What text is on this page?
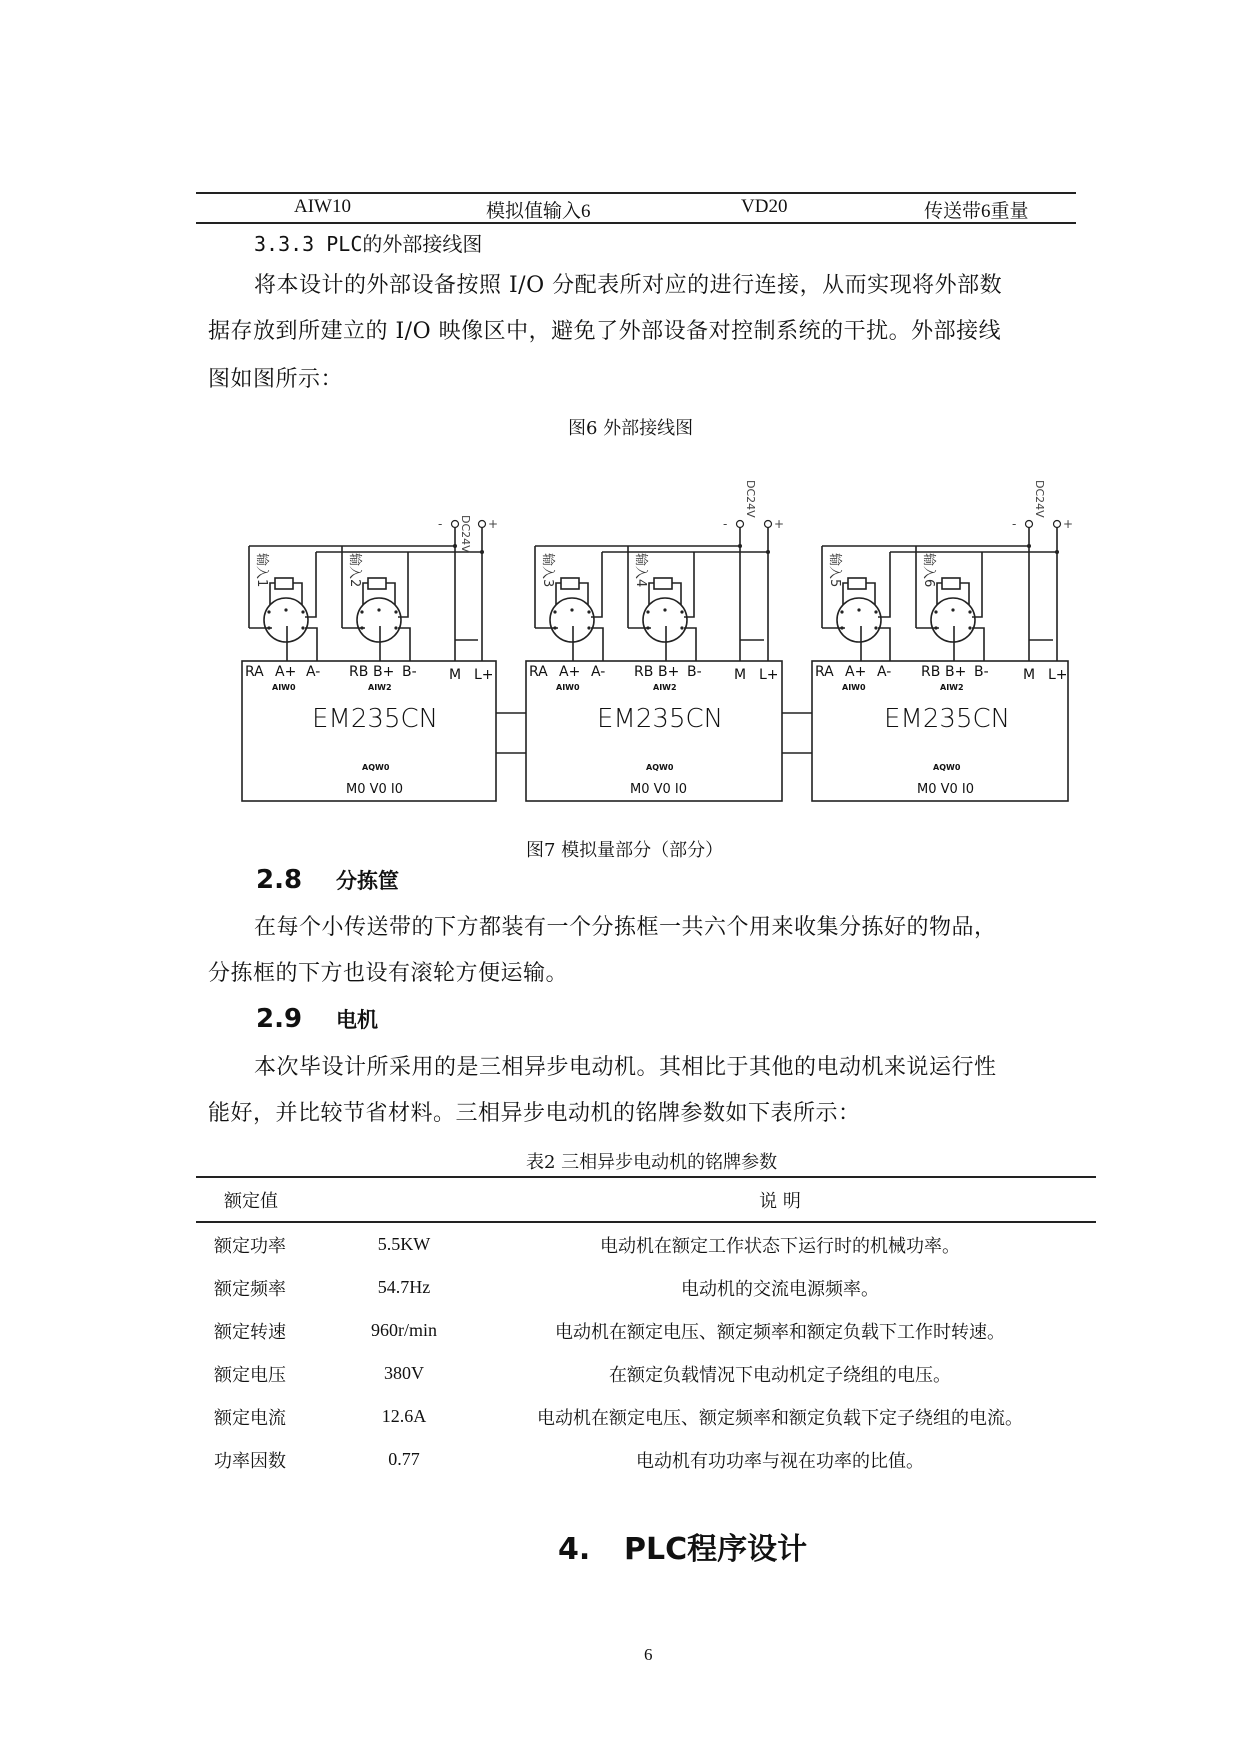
AIW10	模拟值输入6	VD20	传送带6重量
3.3.3 PLC的外部接线图
将本设计的外部设备按照 I/O 分配表所对应的进行连接，从而实现将外部数
据存放到所建立的 I/O 映像区中，避免了外部设备对控制系统的干扰。外部接线
图如图所示：
图6 外部接线图
-	+
DC24V	-	+
DC24V
-	+
DC24V
输入1	输入2	输入3	输入4	输入5	输入6
RA A+ A- RB B+ B- M L+
AIW0	AIW2
AQW0
EM235CN
M0 V0 I0
RA A+ A- RB B+ B- M L+
AIW0	AIW2
AQW0
EM235CN
M0 V0 I0
RA A+ A- RB B+ B- M L+
AIW0	AIW2
AQW0
EM235CN
M0 V0 I0
图7 模拟量部分（部分）
2.8 分拣筐
在每个小传送带的下方都装有一个分拣框一共六个用来收集分拣好的物品，
分拣框的下方也设有滚轮方便运输。
2.9 电机
本次毕设计所采用的是三相异步电动机。其相比于其他的电动机来说运行性
能好，并比较节省材料。三相异步电动机的铭牌参数如下表所示：
表2 三相异步电动机的铭牌参数
额定值		说 明
额定功率	5.5KW	电动机在额定工作状态下运行时的机械功率。
额定频率	54.7Hz	电动机的交流电源频率。
额定转速	960r/min	电动机在额定电压、额定频率和额定负载下工作时转速。
额定电压	380V	在额定负载情况下电动机定子绕组的电压。
额定电流	12.6A	电动机在额定电压、额定频率和额定负载下定子绕组的电流。
功率因数	0.77	电动机有功功率与视在功率的比值。
4. PLC程序设计
6
